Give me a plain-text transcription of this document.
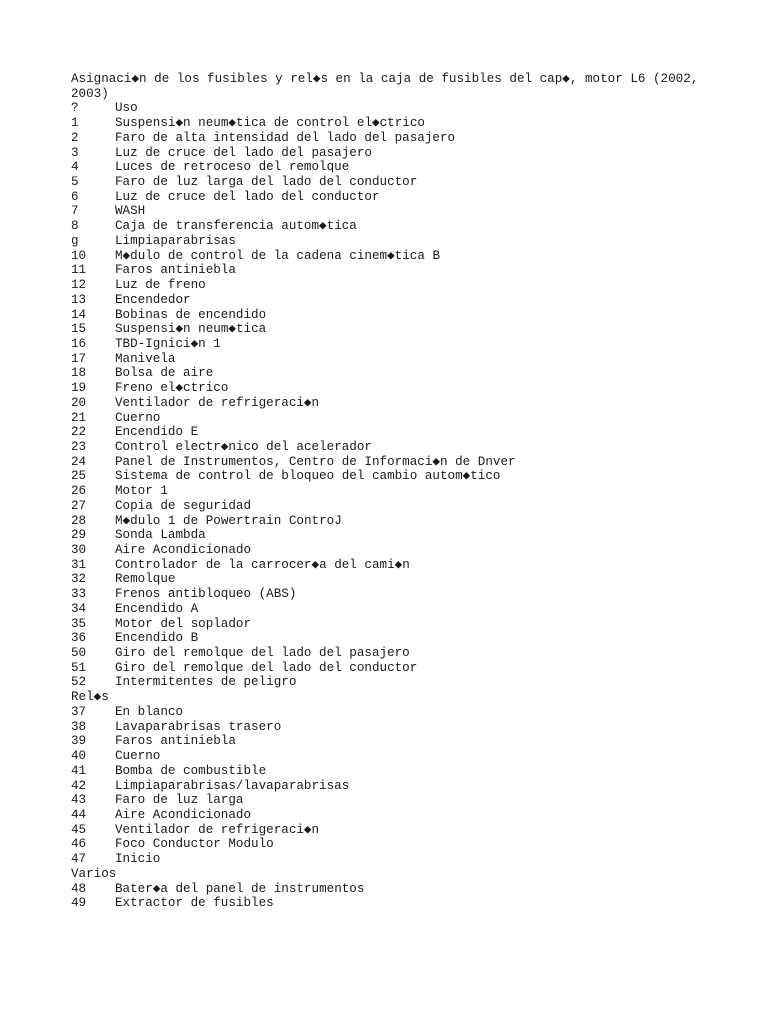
Asignaci◆n de los fusibles y rel◆s en la caja de fusibles del cap◆, motor L6 (2002, 2003)
?	Uso
1	Suspensi◆n neum◆tica de control el◆ctrico
2	Faro de alta intensidad del lado del pasajero
3	Luz de cruce del lado del pasajero
4	Luces de retroceso del remolque
5	Faro de luz larga del lado del conductor
6	Luz de cruce del lado del conductor
7	WASH
8	Caja de transferencia autom◆tica
g	Limpiaparabrisas
10 M◆dulo de control de la cadena cinem◆tica B
11 Faros antiniebla
12 Luz de freno
13 Encendedor
14 Bobinas de encendido
15 Suspensi◆n neum◆tica
16 TBD-Ignici◆n 1
17 Manivela
18 Bolsa de aire
19 Freno el◆ctrico
20 Ventilador de refrigeraci◆n
21 Cuerno
22 Encendido E
23 Control electr◆nico del acelerador
24 Panel de Instrumentos, Centro de Informaci◆n de Dnver
25 Sistema de control de bloqueo del cambio autom◆tico
26 Motor 1
27 Copia de seguridad
28 M◆dulo 1 de Powertrain ControJ
29 Sonda Lambda
30 Aire Acondicionado
31 Controlador de la carrocer◆a del cami◆n
32 Remolque
33 Frenos antibloqueo (ABS)
34 Encendido A
35 Motor del soplador
36 Encendido B
50 Giro del remolque del lado del pasajero
51 Giro del remolque del lado del conductor
52 Intermitentes de peligro
Rel◆s
37 En blanco
38 Lavaparabrisas trasero
39 Faros antiniebla
40 Cuerno
41 Bomba de combustible
42 Limpiaparabrisas/lavaparabrisas
43 Faro de luz larga
44 Aire Acondicionado
45 Ventilador de refrigeraci◆n
46 Foco Conductor Modulo
47 Inicio
Varios
48 Bater◆a del panel de instrumentos
49 Extractor de fusibles
